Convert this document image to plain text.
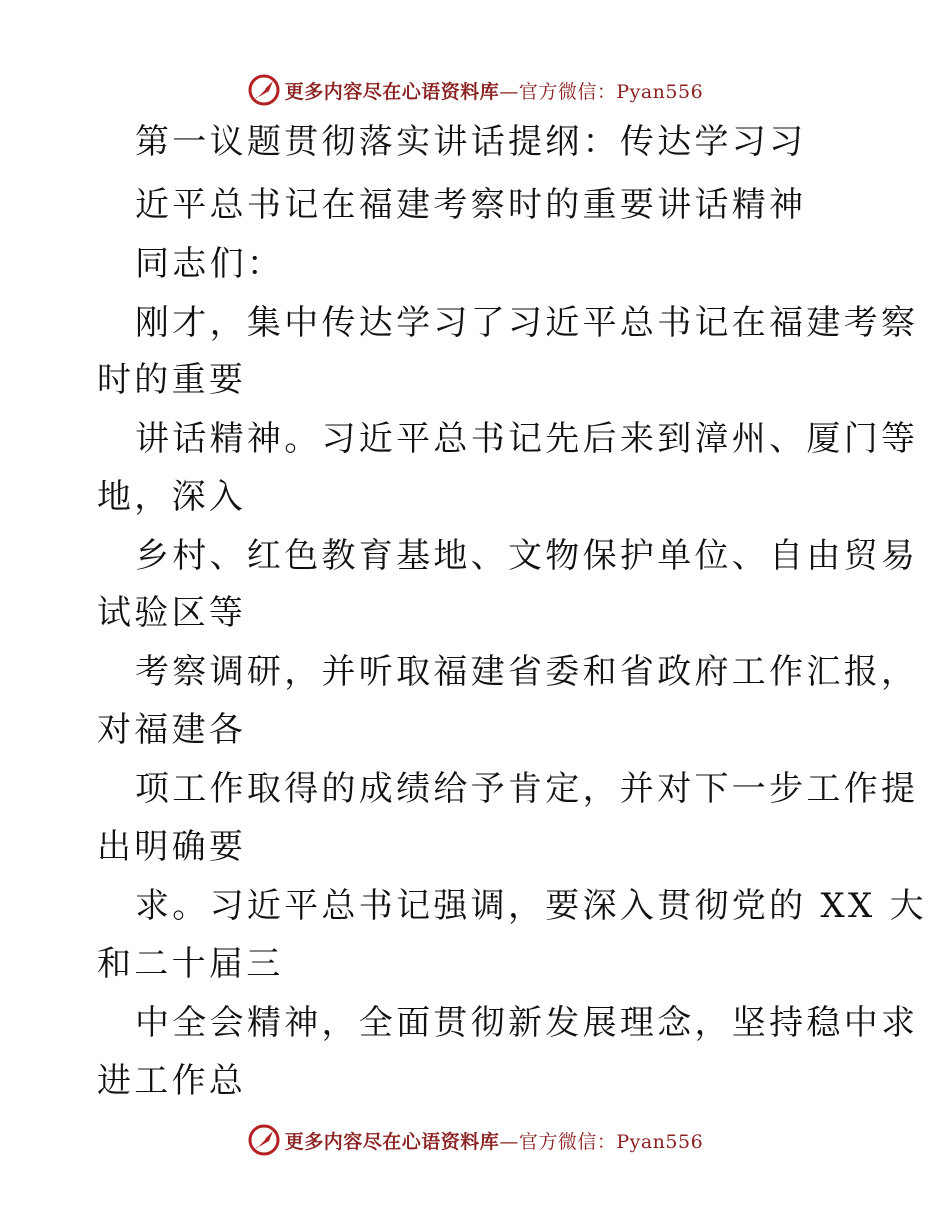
更多内容尽在心语资料库—官方微信：Pyan556
第一议题贯彻落实讲话提纲：传达学习习
近平总书记在福建考察时的重要讲话精神
同志们：
刚才，集中传达学习了习近平总书记在福建考察
时的重要
讲话精神。习近平总书记先后来到漳州、厦门等
地，深入
乡村、红色教育基地、文物保护单位、自由贸易
试验区等
考察调研，并听取福建省委和省政府工作汇报，
对福建各
项工作取得的成绩给予肯定，并对下一步工作提
出明确要
求。习近平总书记强调，要深入贯彻党的 XX 大
和二十届三
中全会精神，全面贯彻新发展理念，坚持稳中求
进工作总
更多内容尽在心语资料库—官方微信：Pyan556
